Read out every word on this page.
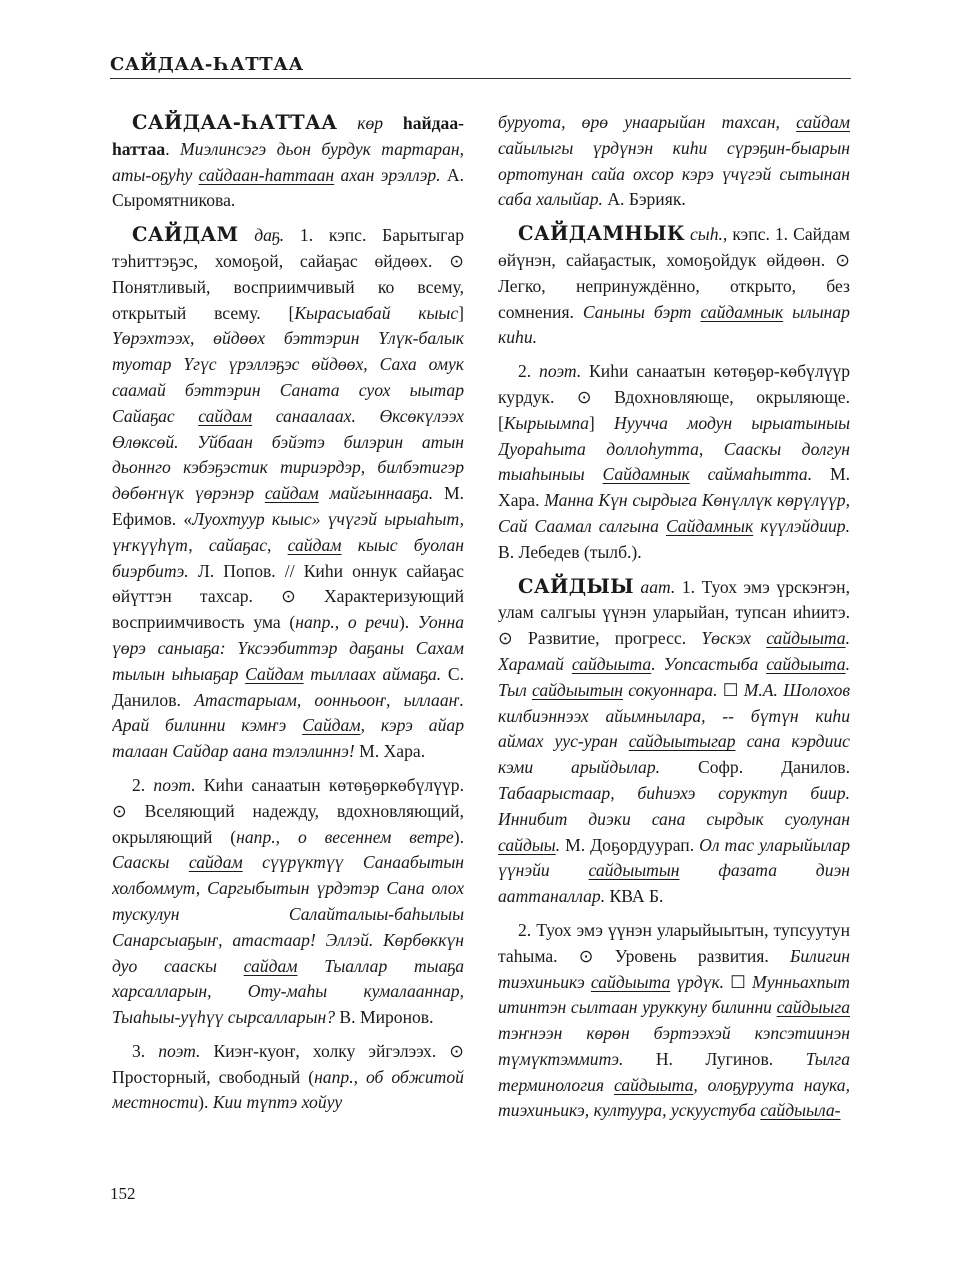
САЙДАА-ҺАТТАА

САЙДАА-ҺАТТАА көр һайдаа-һаттаа. Миэлинсэгэ дьон бурдук тартаран, аты-оҕуһу сайдаан-һаттаан ахан эрэллэр. А. Сыромятникова.

САЙДАМ даҕ. 1. кэпс. Барытыгар тэһиттэҕэс, хомоҕой, сайаҕас өйдөөх. ⊙ Понятливый, восприимчивый ко всему, открытый всему. [Кырасыабай кыыс] Үөрэхтээх, өйдөөх бэттэрин Үлүк-балык туотар Үгүс үрэллэҕэс өйдөөх, Саха омук саамай бэттэрин Саната суох ыытар Сайаҕас сайдам санаалаах. Өксөкүлээх Өлөксөй. Уйбаан бэйэтэ билэрин атын дьоннго кэбэҕэстик тириэрдэр, билбэтигэр дөбөҥнүк үөрэнэр сайдам майгыннааҕа. М. Ефимов. «Луохтуур кыыс» үчүгэй ырыаһыт, үҥкүүһүт, сайаҕас, сайдам кыыс буолан биэрбитэ. Л. Попов. // Киһи оннук сайаҕас өйүттэн тахсар. ⊙ Характеризующий восприимчивость ума (напр., о речи). Уонна үөрэ саныаҕа: Үксээбиттэр даҕаны Сахам тылын ыһыаҕар Сайдам тыллаах аймаҕа. С. Данилов. Атастарыам, оонньооҥ, ыллааҥ. Арай билинни кэмҥэ Сайдам, кэрэ айар талаан Сайдар аана тэлэлиннэ! М. Хара.

2. поэт. Киһи санаатын көтөҕөркөбүлүүр. ⊙ Вселяющий надежду, вдохновляющий, окрыляющий (напр., о весеннем ветре). Сааскы сайдам сүүрүктүү Санаабытын холбоммут, Саргыбытын үрдэтэр Сана олох тускулун Салайталыы-баһылыы Санарсыаҕыҥ, атастаар! Эллэй. Көрбөккүн дуо сааскы сайдам Тыаллар тыаҕа харсалларын, Оту-маһы кумалааннар, Тыаһыы-уүһүү сырсалларын? В. Миронов.

3. поэт. Киэҥ-куоҥ, холку эйгэлээх. ⊙ Просторный, свободный (напр., об обжитой местности). Кии түптэ хойуу

буруота, өрө унаарыйан тахсан, сайдам сайылыгы үрдүнэн киһи сүрэҕин-быарын ортотунан сайа охсор кэрэ үчүгэй сытынан саба халыйар. А. Бэрияк.

САЙДАМНЫК сыһ., кэпс. 1. Сайдам өйүнэн, сайаҕастык, хомоҕойдук өйдөөн. ⊙ Легко, непринуждённо, открыто, без сомнения. Саныны бэрт сайдамнык ылынар киһи.

2. поэт. Киһи санаатын көтөҕөр-көбүлүүр курдук. ⊙ Вдохновляюще, окрыляюще. [Кырыымпа] Нуучча модун ырыатыныы Дуораһыта доллоһутта, Сааскы долгун тыаһыныы Сайдамнык саймаһытта. М. Хара. Манна Күн сырдыга Көнүллүк көрүлүүр, Сай Саамал салгына Сайдамнык күүлэйдиир. В. Лебедев (тылб.).

САЙДЫЫ аат. 1. Туох эмэ үрскэҥэн, улам салгыы үүнэн уларыйан, тупсан иһиитэ. ⊙ Развитие, прогресс. Үөскэх сайдыыта. Харамай сайдыыта. Уопсастыба сайдыыта. Тыл сайдыытын сокуоннара. ☐ М.А. Шолохов килбиэннээх айымнылара, -- бүтүн киһи аймах уус-уран сайдыытыгар сана кэрдиис кэми арыйдылар. Софр. Данилов. Табаарыстаар, биһиэхэ соруктуп биир. Иннибит диэки сана сырдык суолунан сайдыы. М. Доҕордуурап. Ол тас уларыйылар үүнэйи сайдыытын фазата диэн ааттаналлар. КВА Б.

2. Туох эмэ үүнэн уларыйыытын, тупсуутун таһыма. ⊙ Уровень развития. Билигин тиэхиньикэ сайдыыта үрдүк. ☐ Мунньахпыт итинтэн сылтаан уруккуну билинни сайдыыга тэҥнээн көрөн бэртээхэй кэпсэтиинэн түмүктэммитэ. Н. Лугинов. Тылга терминология сайдыыта, олоҕуруута наука, тиэхиньикэ, култуура, ускуустуба сайдыыла-

152
